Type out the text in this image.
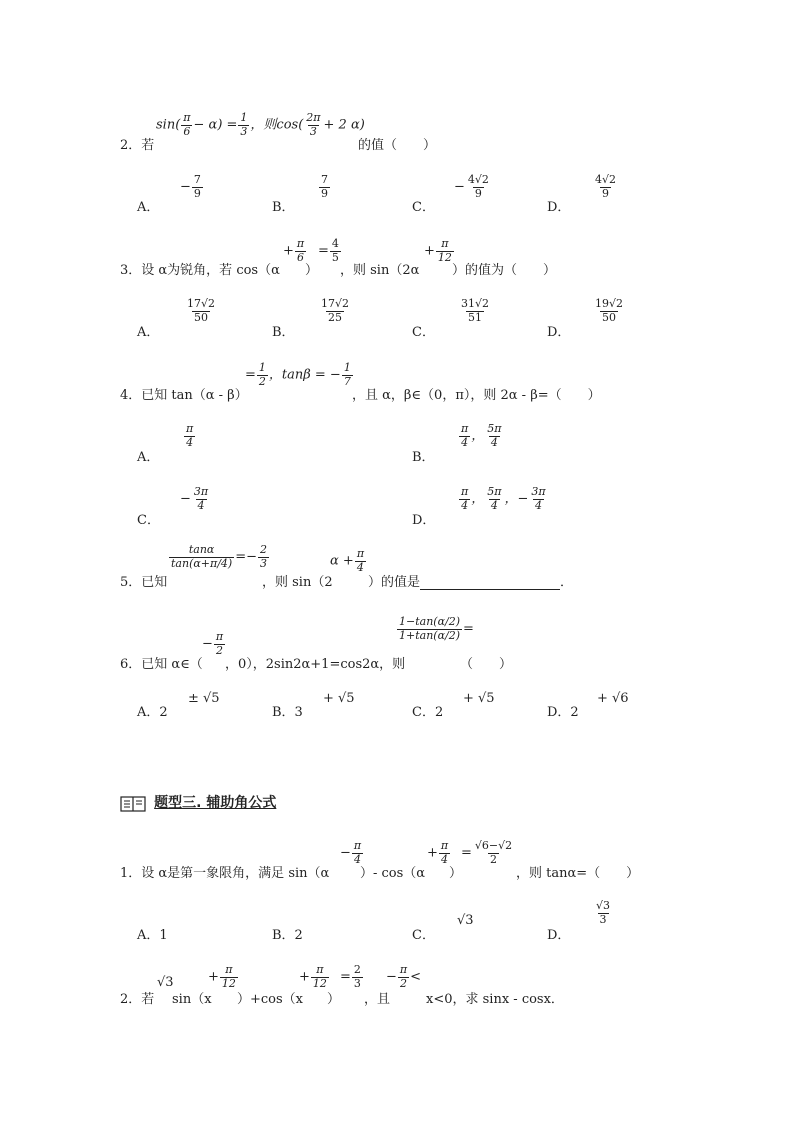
2．若
$\sin( \frac{\pi}{6} - \alpha) = \frac{1}{3}$ ，则$\cos( \frac{2\pi}{3} + 2$ α)
的值（　　）
A．
− $\frac{7}{9}$
B．
$\frac{7}{9}$
C．
− $\frac{4√2}{9}$
D．
$\frac{4√2}{9}$
3．设 α为锐角，若 cos（α
+ $\frac{\pi}{6}$
）
= $\frac{4}{5}$
，则 sin（2α
+ $\frac{\pi}{12}$
）的值为（　　）
A．
$\frac{17√2}{50}$
B．
$\frac{17√2}{25}$
C．
$\frac{31√2}{51}$
D．
$\frac{19√2}{50}$
4．已知 tan（α - β）
= $\frac{1}{2}$ ，tanβ = − $\frac{1}{7}$
，且 α，β∈（0，π），则 2α - β=（　　）
A．
$\frac{\pi}{4}$
B．
$\frac{\pi}{4}$ ， $\frac{5\pi}{4}$
C．
− $\frac{3\pi}{4}$
D．
$\frac{\pi}{4}$ ， $\frac{5\pi}{4}$ ，− $\frac{3\pi}{4}$
5．已知
$\frac{\tan\alpha}{\tan(\alpha+\pi/4)} =- \frac{2}{3}$
，则 sin（2
$\alpha + \frac{\pi}{4}$
）的值是	．
6．已知 α∈（
− $\frac{\pi}{2}$
，0），2sin2α+1=cos2α，则
$\frac{1-\tan(\alpha/2)}{1+\tan(\alpha/2)}$ =
（　　）
A．2
± √5
B．3
+ √5
C．2
+ √5
D．2
+ √6
题型三. 辅助角公式
1．设 α是第一象限角，满足 sin（α
− $\frac{\pi}{4}$
）- cos（α
+ $\frac{\pi}{4}$
）
= $\frac{√6-√2}{2}$
，则 tanα=（　　）
A．1	B．2	C．
√3
D．
$\frac{√3}{3}$
2．若
√3
sin（x
+ $\frac{\pi}{12}$
）+cos（x
+ $\frac{\pi}{12}$
）
= $\frac{2}{3}$
，且
− $\frac{\pi}{2}$ <
x<0，求 sinx - cosx．
